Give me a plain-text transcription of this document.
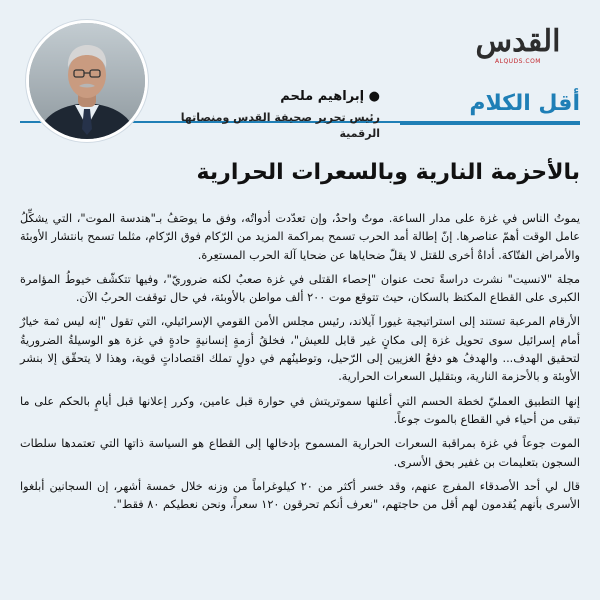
القدس
ALQUDS.COM
أقل الكلام

● إبراهيم ملحم

رئيس تحرير صحيفة القدس ومنصاتها الرقمية

بالأحزمة النارية وبالسعرات الحرارية

يموتُ الناس في غزة على مدار الساعة. موتٌ واحدٌ، وإن تعدّدت أدواتُه، وفق ما يوصَفُ بـ"هندسة الموت"، التي يشكِّلُ عامل الوقت أهمّ عناصرها. إنّ إطالة أمد الحرب تسمح بمراكمة المزيد من الرّكام فوق الرّكام، مثلما تسمح بانتشار الأوبئة والأمراض الفتّاكة. أداةٌ أخرى للقتل لا يقلّ ضحاياها عن ضحايا آلة الحرب المستعِرة.

مجلة "لانسيت" نشرت دراسةً تحت عنوان "إحصاء القتلى في غزة صعبٌ لكنه ضروريّ"، وفيها تتكشّف خيوطُ المؤامرة الكبرى على القطاع المكتظ بالسكان، حيث تتوقع موت ٢٠٠ ألف مواطن بالأوبئة، في حال توقفت الحربُ الآن.

الأرقام المرعبة تستند إلى استراتيجية غيورا آيلاند، رئيس مجلس الأمن القومي الإسرائيلي، التي تقول "إنه ليس ثمة خيارٌ أمام إسرائيل سوى تحويل غزة إلى مكانٍ غير قابل للعيش"، فخلقُ أزمةٍ إنسانيةٍ حادةٍ في غزة هو الوسيلةُ الضروريةُ لتحقيق الهدف... والهدفُ هو دفعُ الغزيين إلى الرّحيل، وتوطينُهم في دولٍ تملك اقتصاداتٍ قوية، وهذا لا يتحقّق إلا بنشر الأوبئة و بالأحزمة النارية، وبتقليل السعرات الحرارية.

إنها التطبيق العمليّ لخطة الحسم التي أعلنها سموتريتش في حوارة قبل عامين، وكرر إعلانها قبل أيامٍ بالحكم على ما تبقى من أحياء في القطاع بالموت جوعاً.

الموت جوعاً في غزة بمراقبة السعرات الحرارية المسموح بإدخالها إلى القطاع هو السياسة ذاتها التي تعتمدها سلطات السجون بتعليمات بن غفير بحق الأسرى.

قال لي أحد الأصدقاء المفرج عنهم، وقد خسر أكثر من ٢٠ كيلوغراماً من وزنه خلال خمسة أشهر، إن السجانين أبلغوا الأسرى بأنهم يُقدمون لهم أقل من حاجتهم، "نعرف أنكم تحرقون ١٢٠ سعراً، ونحن نعطيكم ٨٠ فقط".
